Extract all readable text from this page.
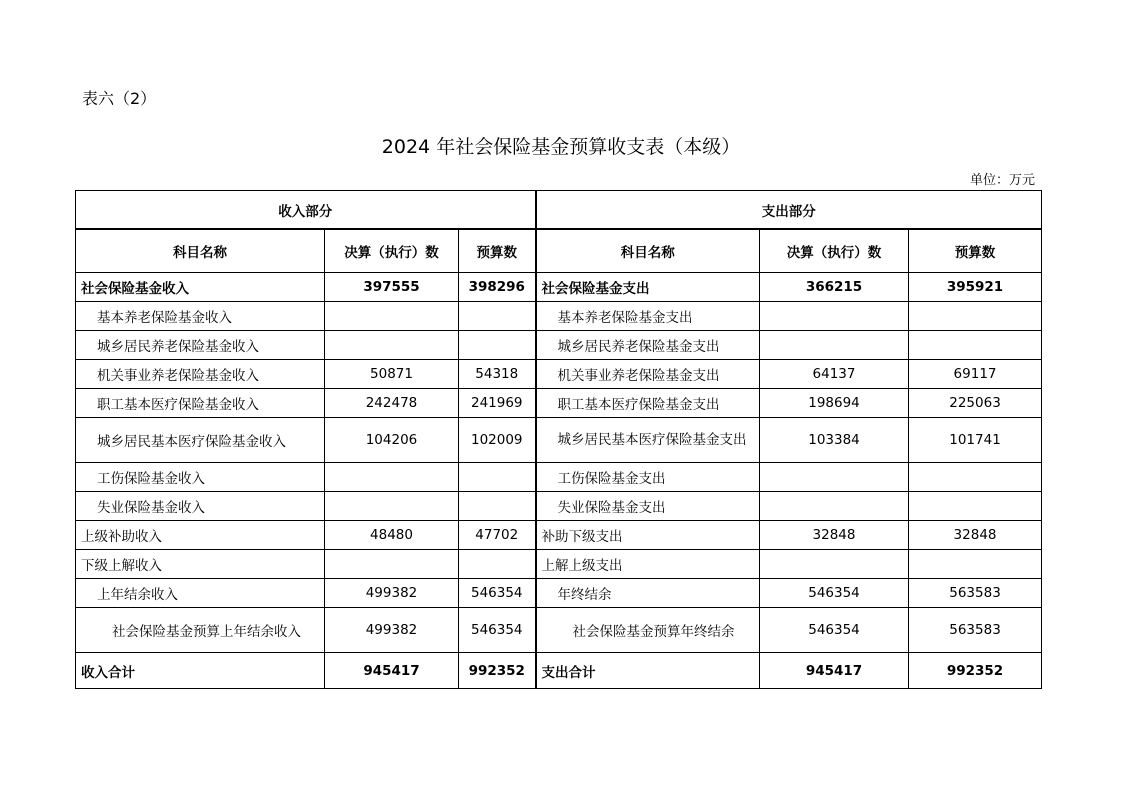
表六（2）
2024 年社会保险基金预算收支表（本级）
单位：万元
收入部分			支出部分		
科目名称	决算（执行）数	预算数	科目名称	决算（执行）数	预算数
社会保险基金收入	397555	398296	社会保险基金支出	366215	395921
基本养老保险基金收入			基本养老保险基金支出		
城乡居民养老保险基金收入			城乡居民养老保险基金支出		
机关事业养老保险基金收入	50871	54318	机关事业养老保险基金支出	64137	69117
职工基本医疗保险基金收入	242478	241969	职工基本医疗保险基金支出	198694	225063
城乡居民基本医疗保险基金收入	104206	102009	城乡居民基本医疗保险基金支出	103384	101741
工伤保险基金收入			工伤保险基金支出		
失业保险基金收入			失业保险基金支出		
上级补助收入	48480	47702	补助下级支出	32848	32848
下级上解收入			上解上级支出		
上年结余收入	499382	546354	年终结余	546354	563583
社会保险基金预算上年结余收入	499382	546354	社会保险基金预算年终结余	546354	563583
收入合计	945417	992352	支出合计	945417	992352
